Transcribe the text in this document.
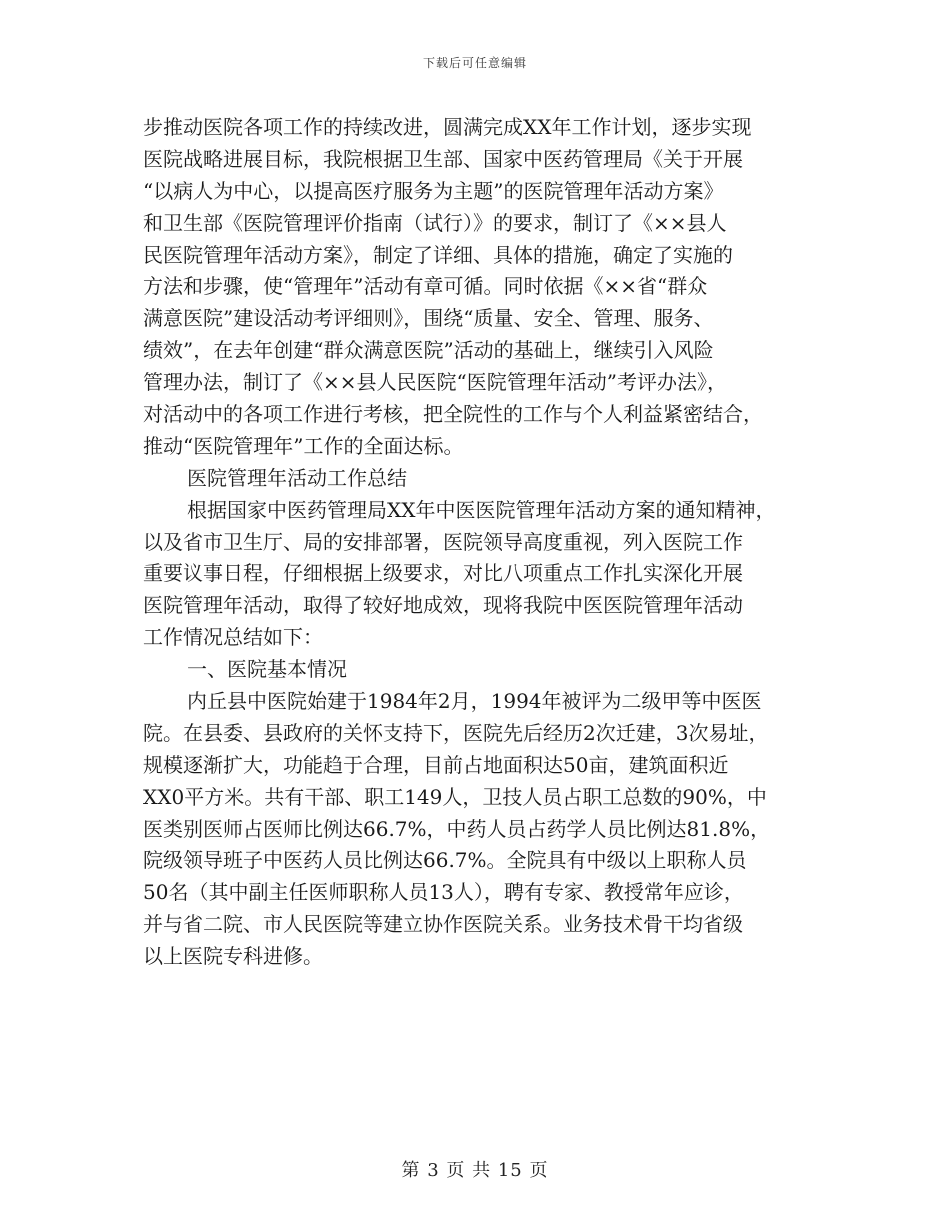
下载后可任意编辑
步推动医院各项工作的持续改进，圆满完成XX年工作计划，逐步实现
医院战略进展目标，我院根据卫生部、国家中医药管理局《关于开展
“以病人为中心，以提高医疗服务为主题”的医院管理年活动方案》
和卫生部《医院管理评价指南（试行）》的要求，制订了《××县人
民医院管理年活动方案》，制定了详细、具体的措施，确定了实施的
方法和步骤，使“管理年”活动有章可循。同时依据《××省“群众
满意医院”建设活动考评细则》，围绕“质量、安全、管理、服务、
绩效”，在去年创建“群众满意医院”活动的基础上，继续引入风险
管理办法，制订了《××县人民医院“医院管理年活动”考评办法》，
对活动中的各项工作进行考核，把全院性的工作与个人利益紧密结合，
推动“医院管理年”工作的全面达标。
医院管理年活动工作总结
根据国家中医药管理局XX年中医医院管理年活动方案的通知精神，
以及省市卫生厅、局的安排部署，医院领导高度重视，列入医院工作
重要议事日程，仔细根据上级要求，对比八项重点工作扎实深化开展
医院管理年活动，取得了较好地成效，现将我院中医医院管理年活动
工作情况总结如下：
一、医院基本情况
内丘县中医院始建于1984年2月，1994年被评为二级甲等中医医
院。在县委、县政府的关怀支持下，医院先后经历2次迁建，3次易址，
规模逐渐扩大，功能趋于合理，目前占地面积达50亩，建筑面积近
XX0平方米。共有干部、职工149人，卫技人员占职工总数的90%，中
医类别医师占医师比例达66.7%，中药人员占药学人员比例达81.8%，
院级领导班子中医药人员比例达66.7%。全院具有中级以上职称人员
50名（其中副主任医师职称人员13人），聘有专家、教授常年应诊，
并与省二院、市人民医院等建立协作医院关系。业务技术骨干均省级
以上医院专科进修。
第 3 页 共 15 页
